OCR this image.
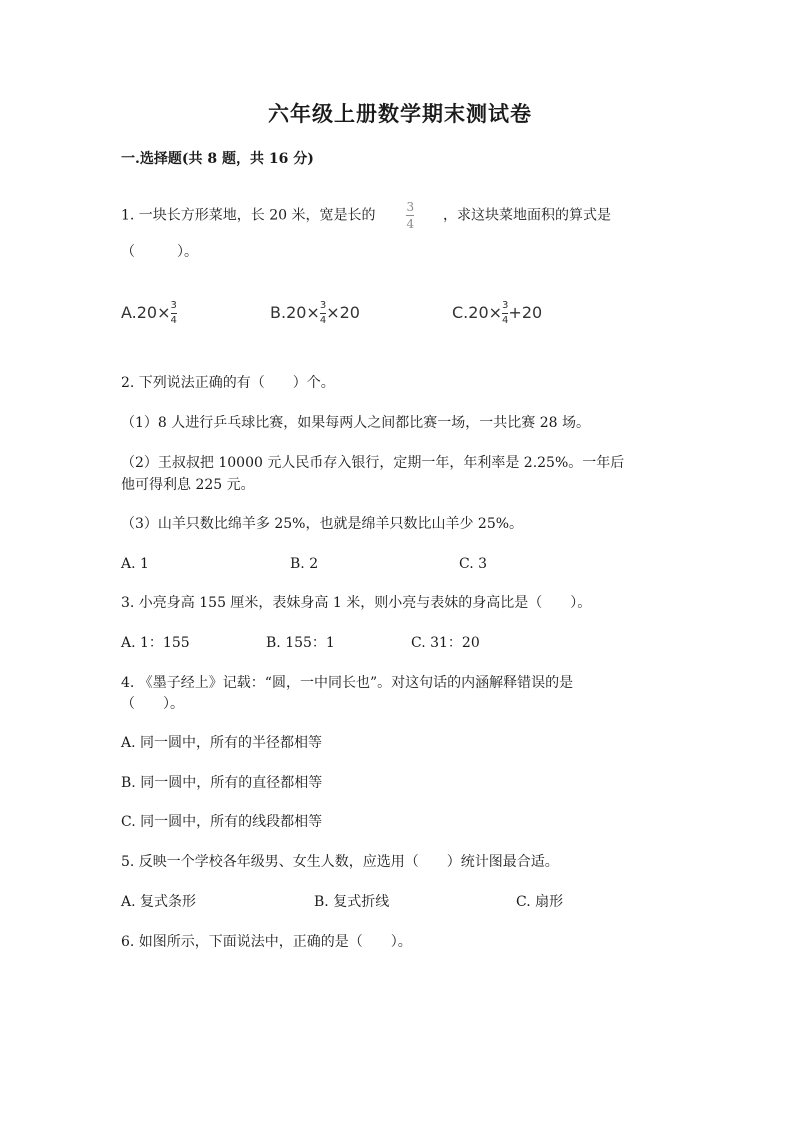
六年级上册数学期末测试卷
一.选择题(共 8 题，共 16 分)
1. 一块长方形菜地，长 20 米，宽是长的	$\frac{3}{4}$ ，求这块菜地面积的算式是
（　　　）。
$A.20\times \frac{3}{4}$	$B.20\times \frac{3}{4} \times 20$	$C.20\times \frac{3}{4} +20$
2. 下列说法正确的有（　　）个。
（1）8 人进行乒乓球比赛，如果每两人之间都比赛一场，一共比赛 28 场。
（2）王叔叔把 10000 元人民币存入银行，定期一年，年利率是 2.25%。一年后
他可得利息 225 元。
（3）山羊只数比绵羊多 25%，也就是绵羊只数比山羊少 25%。
A. 1	B. 2	C. 3
3. 小亮身高 155 厘米，表妹身高 1 米，则小亮与表妹的身高比是（　　）。
A. 1：155	B. 155：1	C. 31：20
4. 《墨子经上》记载：“圆，一中同长也”。对这句话的内涵解释错误的是
（　　）。
A. 同一圆中，所有的半径都相等
B. 同一圆中，所有的直径都相等
C. 同一圆中，所有的线段都相等
5. 反映一个学校各年级男、女生人数，应选用（　　）统计图最合适。
A. 复式条形	B. 复式折线	C. 扇形
6. 如图所示，下面说法中，正确的是（　　）。
